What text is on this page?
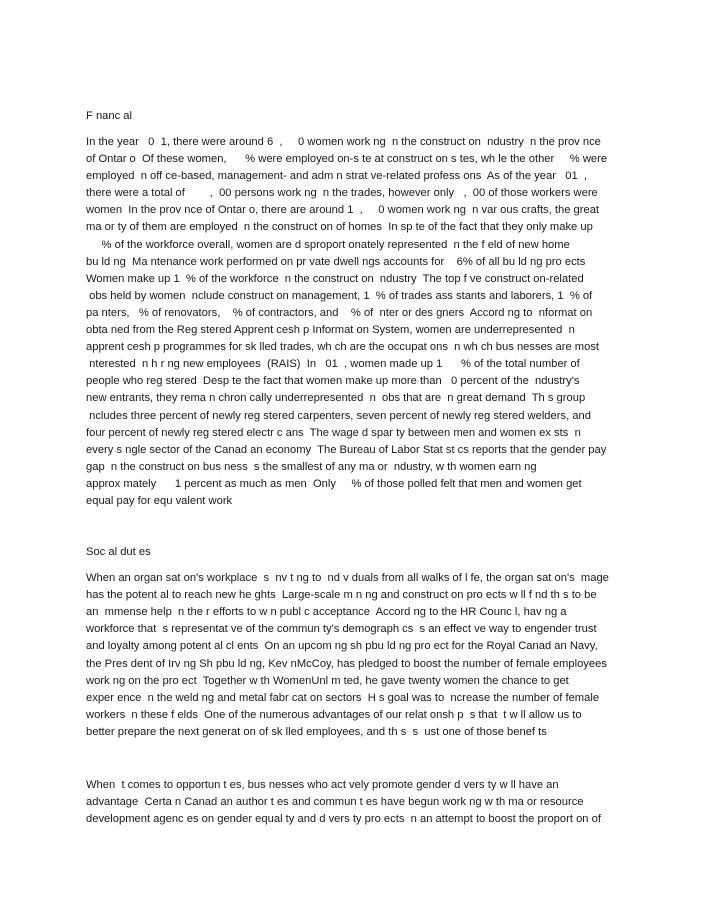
F nanc al
In the year   0  1, there were around 6  ,     0 women work ng  n the construct on  ndustry  n the prov nce
of Ontar o  Of these women,      % were employed on-s te at construct on s tes, wh le the other     % were
employed  n off ce-based, management- and adm n strat ve-related profess ons  As of the year   01  ,
there were a total of        ,  00 persons work ng  n the trades, however only   ,  00 of those workers were
women  In the prov nce of Ontar o, there are around 1  ,     0 women work ng  n var ous crafts, the great
ma or ty of them are employed  n the construct on of homes  In sp te of the fact that they only make up
% of the workforce overall, women are d sproport onately represented  n the f eld of new home
bu ld ng  Ma ntenance work performed on pr vate dwell ngs accounts for    6% of all bu ld ng pro ects
Women make up 1  % of the workforce  n the construct on  ndustry  The top f ve construct on-related
obs held by women  nclude construct on management, 1  % of trades ass stants and laborers, 1  % of
pa nters,   % of renovators,    % of contractors, and    % of  nter or des gners  Accord ng to  nformat on
obta ned from the Reg stered Apprent cesh p Informat on System, women are underrepresented  n
apprent cesh p programmes for sk lled trades, wh ch are the occupat ons  n wh ch bus nesses are most
nterested  n h r ng new employees  (RAIS)  In   01  , women made up 1      % of the total number of
people who reg stered  Desp te the fact that women make up more than   0 percent of the  ndustry's
new entrants, they rema n chron cally underrepresented  n  obs that are  n great demand  Th s group
ncludes three percent of newly reg stered carpenters, seven percent of newly reg stered welders, and
four percent of newly reg stered electr c ans  The wage d spar ty between men and women ex sts  n
every s ngle sector of the Canad an economy  The Bureau of Labor Stat st cs reports that the gender pay
gap  n the construct on bus ness  s the smallest of any ma or  ndustry, w th women earn ng
approx mately      1 percent as much as men  Only     % of those polled felt that men and women get
equal pay for equ valent work
Soc al dut es
When an organ sat on's workplace  s  nv t ng to  nd v duals from all walks of l fe, the organ sat on's  mage
has the potent al to reach new he ghts  Large-scale m n ng and construct on pro ects w ll f nd th s to be
an  mmense help  n the r efforts to w n publ c acceptance  Accord ng to the HR Counc l, hav ng a
workforce that  s representat ve of the commun ty's demograph cs  s an effect ve way to engender trust
and loyalty among potent al cl ents  On an upcom ng sh pbu ld ng pro ect for the Royal Canad an Navy,
the Pres dent of Irv ng Sh pbu ld ng, Kev nMcCoy, has pledged to boost the number of female employees
work ng on the pro ect  Together w th WomenUnl m ted, he gave twenty women the chance to get
exper ence  n the weld ng and metal fabr cat on sectors  H s goal was to  ncrease the number of female
workers  n these f elds  One of the numerous advantages of our relat onsh p  s that  t w ll allow us to
better prepare the next generat on of sk lled employees, and th s  s  ust one of those benef ts
When  t comes to opportun t es, bus nesses who act vely promote gender d vers ty w ll have an
advantage  Certa n Canad an author t es and commun t es have begun work ng w th ma or resource
development agenc es on gender equal ty and d vers ty pro ects  n an attempt to boost the proport on of
